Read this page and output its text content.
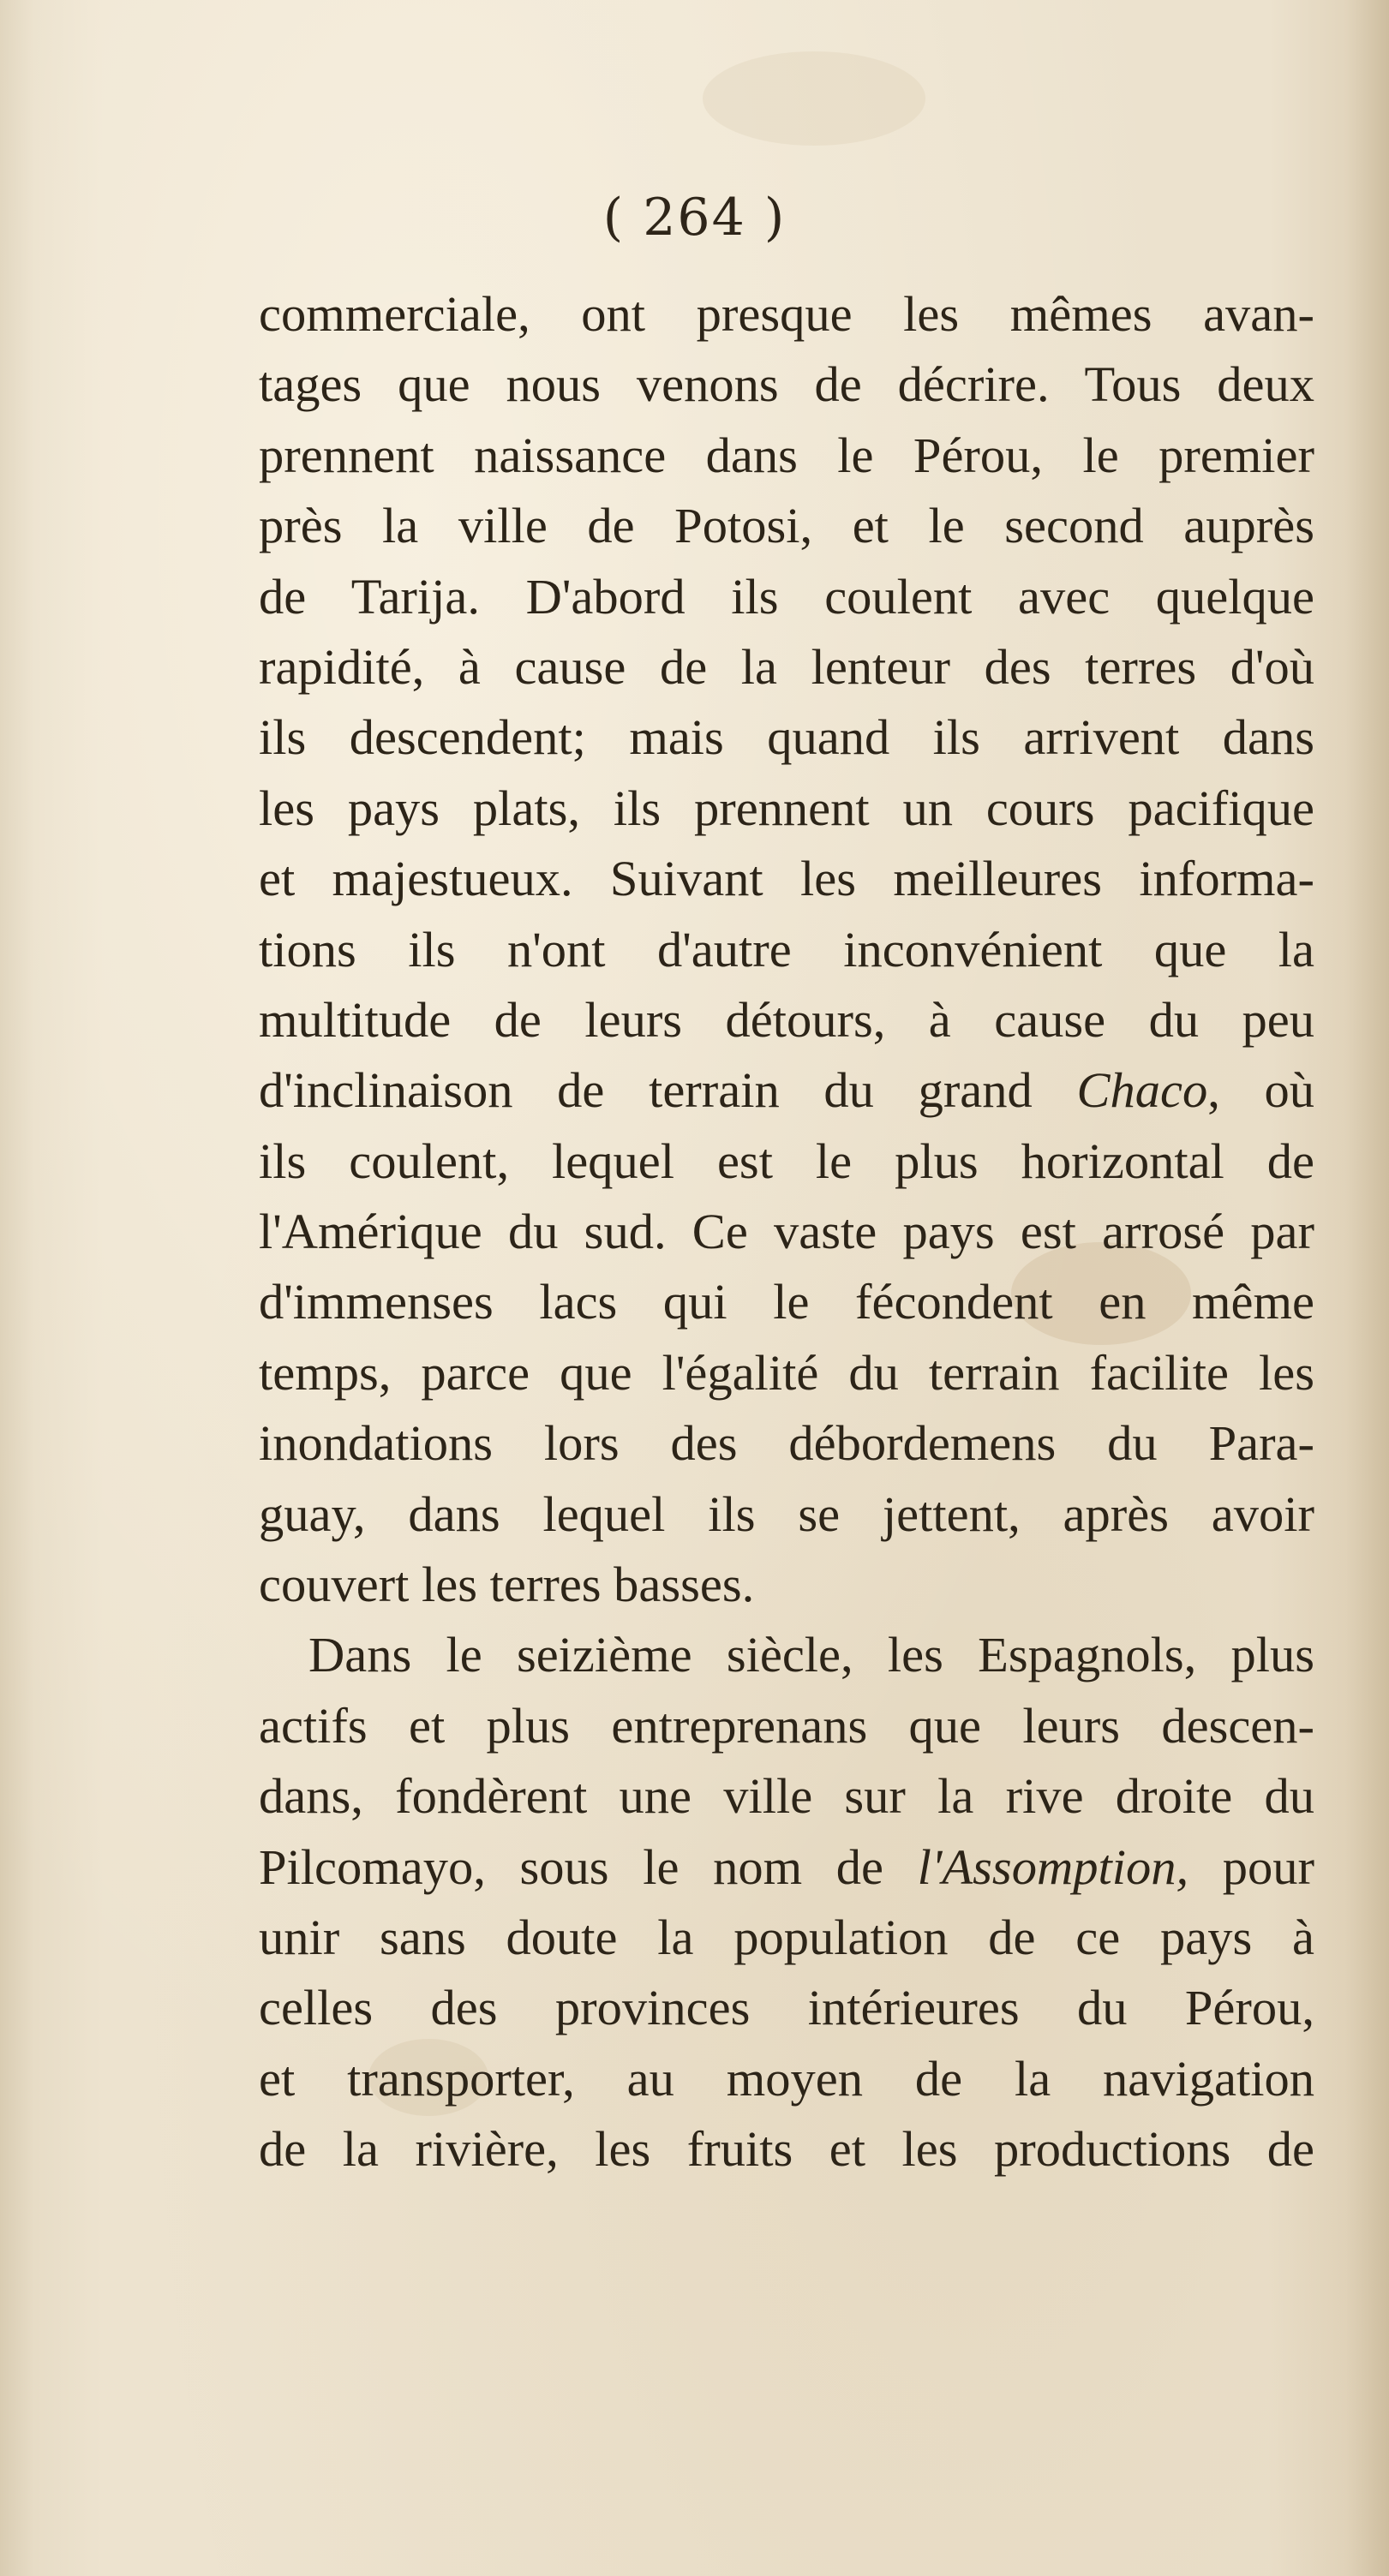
( 264 )
commerciale, ont presque les mêmes avan-
tages que nous venons de décrire. Tous deux
prennent naissance dans le Pérou, le premier
près la ville de Potosi, et le second auprès
de Tarija. D'abord ils coulent avec quelque
rapidité, à cause de la lenteur des terres d'où
ils descendent; mais quand ils arrivent dans
les pays plats, ils prennent un cours pacifique
et majestueux. Suivant les meilleures informa-
tions ils n'ont d'autre inconvénient que la
multitude de leurs détours, à cause du peu
d'inclinaison de terrain du grand Chaco, où
ils coulent, lequel est le plus horizontal de
l'Amérique du sud. Ce vaste pays est arrosé par
d'immenses lacs qui le fécondent en même
temps, parce que l'égalité du terrain facilite les
inondations lors des débordemens du Para-
guay, dans lequel ils se jettent, après avoir
couvert les terres basses.
Dans le seizième siècle, les Espagnols, plus
actifs et plus entreprenans que leurs descen-
dans, fondèrent une ville sur la rive droite du
Pilcomayo, sous le nom de l'Assomption, pour
unir sans doute la population de ce pays à
celles des provinces intérieures du Pérou,
et transporter, au moyen de la navigation
de la rivière, les fruits et les productions de
